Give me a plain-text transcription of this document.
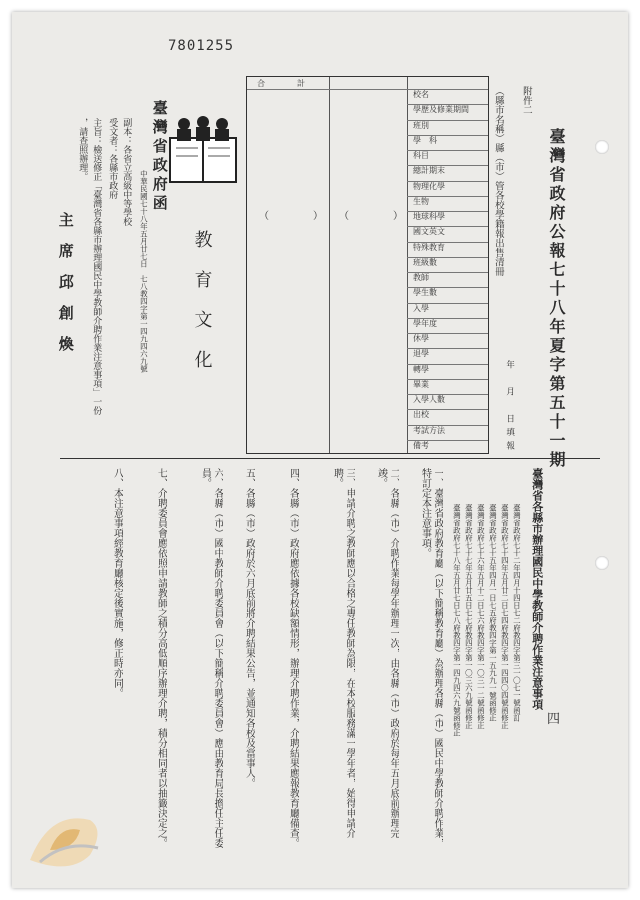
7801255
臺灣省政府公報七十八年夏字第五十一期
四
附件二
（縣市名稱）縣（市）管各校學籍報出售清冊
年　月　日填報
合	計
（	） （	）
校名
學歷及修業期間
班別
學　科
科目
總計期末
物理化學
生物
地球科學
國文英文
特殊教育
班級數
教師
學生數
入學
學年度
休學
退學
轉學
畢業
入學人數
出校
考試方法
備考
臺灣省政府函
中華民國七十八年五月廿七日　七八教四字第一四九四六九號 教育文化
副本：各省立高級中等學校
受文者：各縣市政府
主旨：檢送修正「臺灣省各縣市辦理國民中學教師介聘作業注意事項」一份
，請查照辦理。
主席邱創煥
臺灣省各縣市辦理國民中學教師介聘作業注意事項
臺灣省政府七十二年四月十四日七二府教四字第三一〇七一號函訂
臺灣省政府七十四年五月廿二日七四府教四字第一四四〇四號函修正
臺灣省政府七十五年四月一日七五府教四字第一五九九一號函修正
臺灣省政府七十六年五月十二日七六府教四字第一〇三一二號函修正
臺灣省政府七十七年五月廿五日七七府教四字第一〇三六九號函修正
臺灣省政府七十八年五月廿七日七八府教四字第一四九四六九號函修正
一、臺灣省政府教育廳（以下簡稱教育廳）為辦理各縣（市）國民中學教師介聘作業，特訂定本注意事項。
二、各縣（市）介聘作業每學年辦理一次，由各縣（市）政府於每年五月底前辦理完竣。
三、申請介聘之教師應以合格之專任教師為限，在本校服務滿一學年者，始得申請介聘。
四、各縣（市）政府應依據各校缺額情形，辦理介聘作業，介聘結果應報教育廳備查。
五、各縣（市）政府於六月底前將介聘結果公告，並通知各校及當事人。
六、各縣（市）國中教師介聘委員會（以下簡稱介聘委員會）應由教育局長擔任主任委員。
七、介聘委員會應依照申請教師之積分高低順序辦理介聘，積分相同者以抽籤決定之。
八、本注意事項經教育廳核定後實施，修正時亦同。
